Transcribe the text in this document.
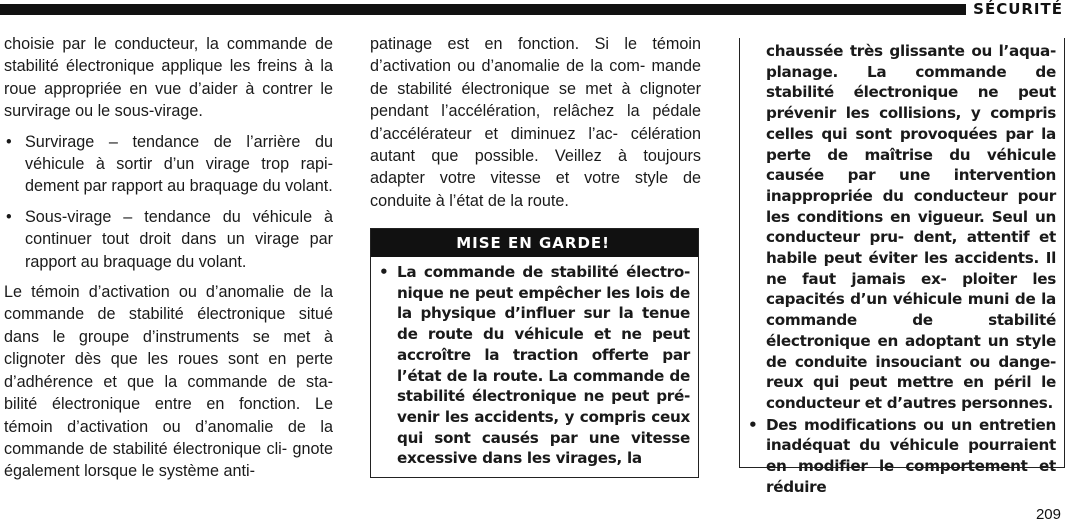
SÉCURITÉ

choisie par le conducteur, la commande de stabilité électronique applique les freins à la roue appropriée en vue d’aider à contrer le survirage ou le sous-virage.

• Survirage – tendance de l’arrière du véhicule à sortir d’un virage trop rapi- dement par rapport au braquage du volant.
• Sous-virage – tendance du véhicule à continuer tout droit dans un virage par rapport au braquage du volant.

Le témoin d’activation ou d’anomalie de la commande de stabilité électronique situé dans le groupe d’instruments se met à clignoter dès que les roues sont en perte d’adhérence et que la commande de sta- bilité électronique entre en fonction. Le témoin d’activation ou d’anomalie de la commande de stabilité électronique cli- gnote également lorsque le système anti-

patinage est en fonction. Si le témoin d’activation ou d’anomalie de la com- mande de stabilité électronique se met à clignoter pendant l’accélération, relâchez la pédale d’accélérateur et diminuez l’ac- célération autant que possible. Veillez à toujours adapter votre vitesse et votre style de conduite à l’état de la route.

MISE EN GARDE!
• La commande de stabilité électro- nique ne peut empêcher les lois de la physique d’influer sur la tenue de route du véhicule et ne peut accroître la traction offerte par l’état de la route. La commande de stabilité électronique ne peut pré- venir les accidents, y compris ceux qui sont causés par une vitesse excessive dans les virages, la
chaussée très glissante ou l’aqua- planage. La commande de stabilité électronique ne peut prévenir les collisions, y compris celles qui sont provoquées par la perte de maîtrise du véhicule causée par une intervention inappropriée du conducteur pour les conditions en vigueur. Seul un conducteur pru- dent, attentif et habile peut éviter les accidents. Il ne faut jamais ex- ploiter les capacités d’un véhicule muni de la commande de stabilité électronique en adoptant un style de conduite insouciant ou dange- reux qui peut mettre en péril le conducteur et d’autres personnes.
• Des modifications ou un entretien inadéquat du véhicule pourraient en modifier le comportement et réduire
209
